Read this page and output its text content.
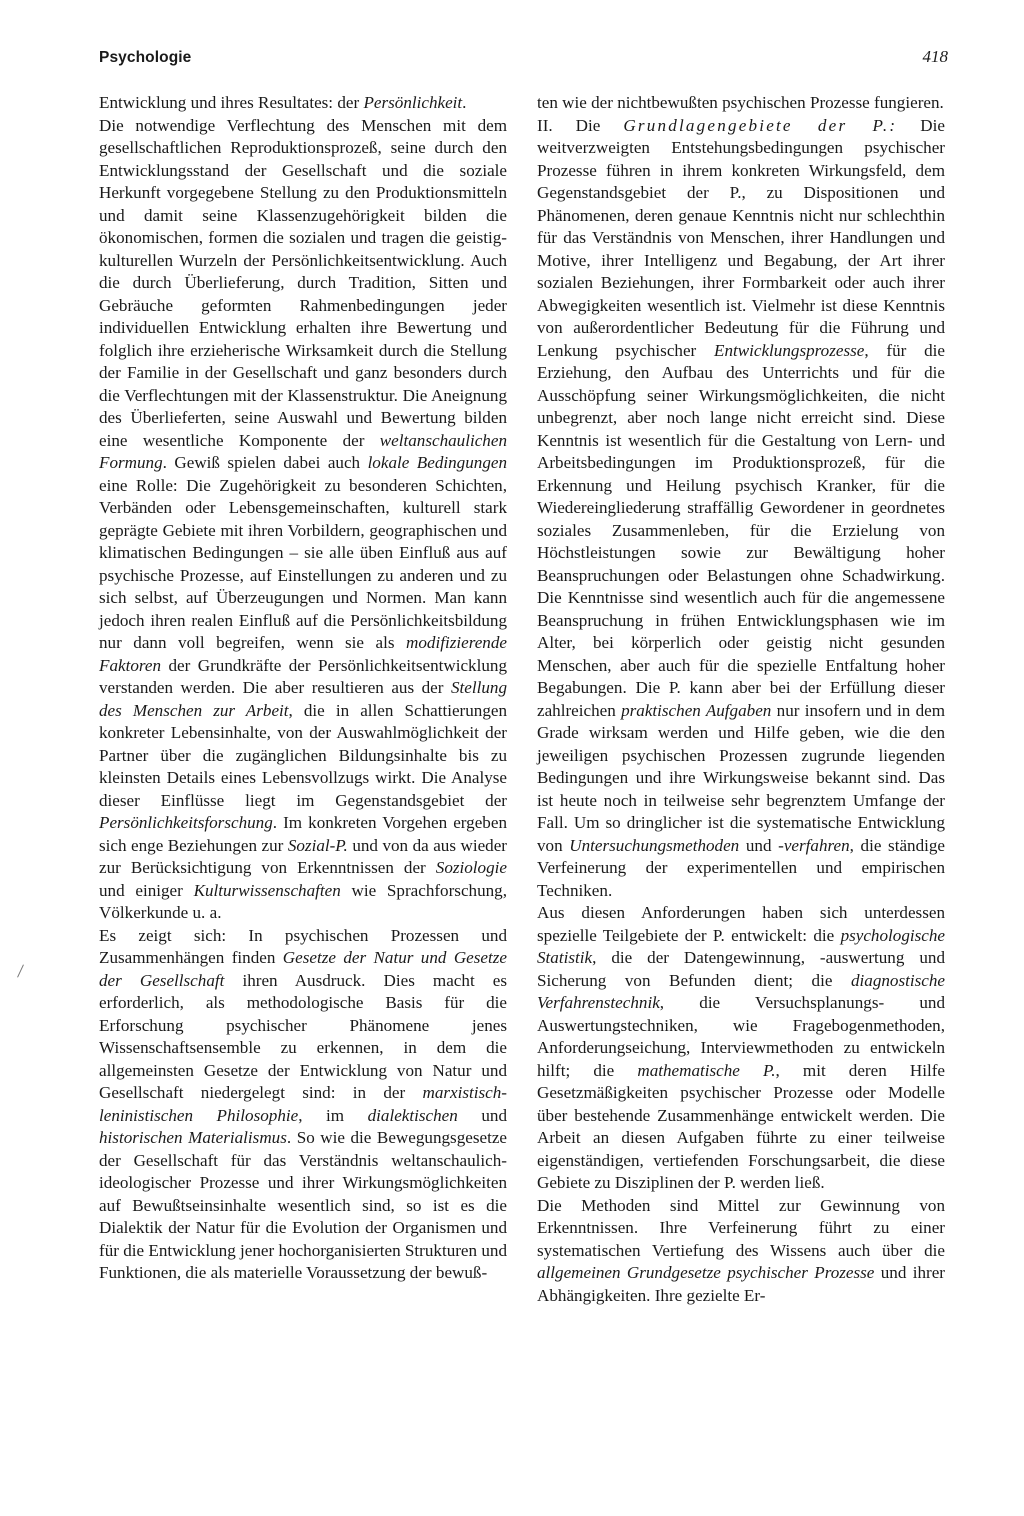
Psychologie	418

Entwicklung und ihres Resultates: der Persönlichkeit.

Die notwendige Verflechtung des Menschen mit dem gesellschaftlichen Reproduktionsprozeß, seine durch den Entwicklungsstand der Gesellschaft und die soziale Herkunft vorgegebene Stellung zu den Produktionsmitteln und damit seine Klassenzugehörigkeit bilden die ökonomischen, formen die sozialen und tragen die geistig-kulturellen Wurzeln der Persönlichkeitsentwicklung. Auch die durch Überlieferung, durch Tradition, Sitten und Gebräuche geformten Rahmenbedingungen jeder individuellen Entwicklung erhalten ihre Bewertung und folglich ihre erzieherische Wirksamkeit durch die Stellung der Familie in der Gesellschaft und ganz besonders durch die Verflechtungen mit der Klassenstruktur. Die Aneignung des Überlieferten, seine Auswahl und Bewertung bilden eine wesentliche Komponente der weltanschaulichen Formung. Gewiß spielen dabei auch lokale Bedingungen eine Rolle: Die Zugehörigkeit zu besonderen Schichten, Verbänden oder Lebensgemeinschaften, kulturell stark geprägte Gebiete mit ihren Vorbildern, geographischen und klimatischen Bedingungen – sie alle üben Einfluß aus auf psychische Prozesse, auf Einstellungen zu anderen und zu sich selbst, auf Überzeugungen und Normen. Man kann jedoch ihren realen Einfluß auf die Persönlichkeitsbildung nur dann voll begreifen, wenn sie als modifizierende Faktoren der Grundkräfte der Persönlichkeitsentwicklung verstanden werden. Die aber resultieren aus der Stellung des Menschen zur Arbeit, die in allen Schattierungen konkreter Lebensinhalte, von der Auswahlmöglichkeit der Partner über die zugänglichen Bildungsinhalte bis zu kleinsten Details eines Lebensvollzugs wirkt. Die Analyse dieser Einflüsse liegt im Gegenstandsgebiet der Persönlichkeitsforschung. Im konkreten Vorgehen ergeben sich enge Beziehungen zur Sozial-P. und von da aus wieder zur Berücksichtigung von Erkenntnissen der Soziologie und einiger Kulturwissenschaften wie Sprachforschung, Völkerkunde u. a.

Es zeigt sich: In psychischen Prozessen und Zusammenhängen finden Gesetze der Natur und Gesetze der Gesellschaft ihren Ausdruck. Dies macht es erforderlich, als methodologische Basis für die Erforschung psychischer Phänomene jenes Wissenschaftsensemble zu erkennen, in dem die allgemeinsten Gesetze der Entwicklung von Natur und Gesellschaft niedergelegt sind: in der marxistisch-leninistischen Philosophie, im dialektischen und historischen Materialismus. So wie die Bewegungsgesetze der Gesellschaft für das Verständnis weltanschaulich-ideologischer Prozesse und ihrer Wirkungsmöglichkeiten auf Bewußtseinsinhalte wesentlich sind, so ist es die Dialektik der Natur für die Evolution der Organismen und für die Entwicklung jener hochorganisierten Strukturen und Funktionen, die als materielle Voraussetzung der bewuß-

ten wie der nichtbewußten psychischen Prozesse fungieren.

II. Die Grundlagengebiete der P.: Die weitverzweigten Entstehungsbedingungen psychischer Prozesse führen in ihrem konkreten Wirkungsfeld, dem Gegenstandsgebiet der P., zu Dispositionen und Phänomenen, deren genaue Kenntnis nicht nur schlechthin für das Verständnis von Menschen, ihrer Handlungen und Motive, ihrer Intelligenz und Begabung, der Art ihrer sozialen Beziehungen, ihrer Formbarkeit oder auch ihrer Abwegigkeiten wesentlich ist. Vielmehr ist diese Kenntnis von außerordentlicher Bedeutung für die Führung und Lenkung psychischer Entwicklungsprozesse, für die Erziehung, den Aufbau des Unterrichts und für die Ausschöpfung seiner Wirkungsmöglichkeiten, die nicht unbegrenzt, aber noch lange nicht erreicht sind. Diese Kenntnis ist wesentlich für die Gestaltung von Lern- und Arbeitsbedingungen im Produktionsprozeß, für die Erkennung und Heilung psychisch Kranker, für die Wiedereingliederung straffällig Gewordener in geordnetes soziales Zusammenleben, für die Erzielung von Höchstleistungen sowie zur Bewältigung hoher Beanspruchungen oder Belastungen ohne Schadwirkung. Die Kenntnisse sind wesentlich auch für die angemessene Beanspruchung in frühen Entwicklungsphasen wie im Alter, bei körperlich oder geistig nicht gesunden Menschen, aber auch für die spezielle Entfaltung hoher Begabungen. Die P. kann aber bei der Erfüllung dieser zahlreichen praktischen Aufgaben nur insofern und in dem Grade wirksam werden und Hilfe geben, wie die den jeweiligen psychischen Prozessen zugrunde liegenden Bedingungen und ihre Wirkungsweise bekannt sind. Das ist heute noch in teilweise sehr begrenztem Umfange der Fall. Um so dringlicher ist die systematische Entwicklung von Untersuchungsmethoden und -verfahren, die ständige Verfeinerung der experimentellen und empirischen Techniken.

Aus diesen Anforderungen haben sich unterdessen spezielle Teilgebiete der P. entwickelt: die psychologische Statistik, die der Datengewinnung, -auswertung und Sicherung von Befunden dient; die diagnostische Verfahrenstechnik, die Versuchsplanungs- und Auswertungstechniken, wie Fragebogenmethoden, Anforderungseichung, Interviewmethoden zu entwickeln hilft; die mathematische P., mit deren Hilfe Gesetzmäßigkeiten psychischer Prozesse oder Modelle über bestehende Zusammenhänge entwickelt werden. Die Arbeit an diesen Aufgaben führte zu einer teilweise eigenständigen, vertiefenden Forschungsarbeit, die diese Gebiete zu Disziplinen der P. werden ließ.

Die Methoden sind Mittel zur Gewinnung von Erkenntnissen. Ihre Verfeinerung führt zu einer systematischen Vertiefung des Wissens auch über die allgemeinen Grundgesetze psychischer Prozesse und ihrer Abhängigkeiten. Ihre gezielte Er-
